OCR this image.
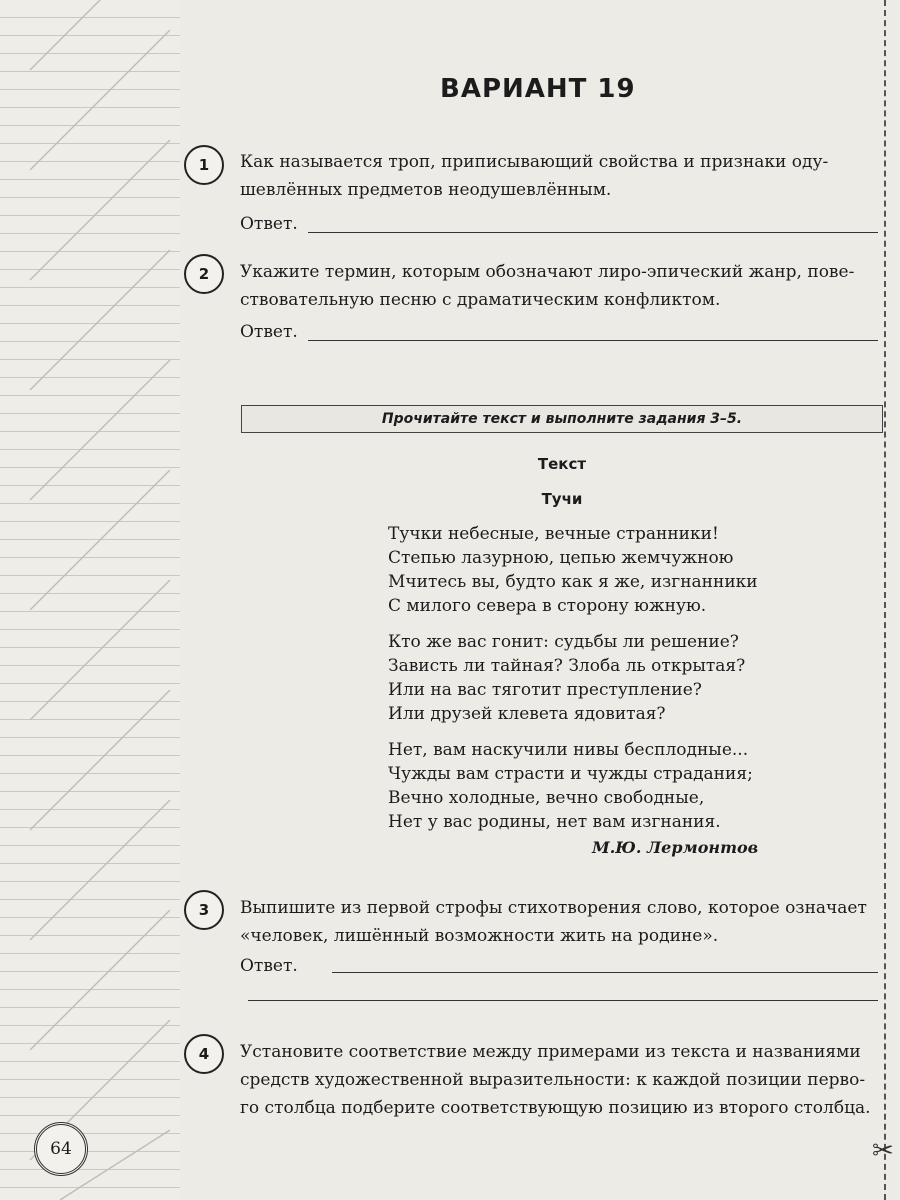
✂
ВАРИАНТ 19
1	Как называется троп, приписывающий свойства и признаки оду-
шевлённых предметов неодушевлённым.
Ответ.
2	Укажите термин, которым обозначают лиро-эпический жанр, пове-
ствовательную песню с драматическим конфликтом.
Ответ.
Прочитайте текст и выполните задания 3–5.
Текст
Тучи
Тучки небесные, вечные странники!
Степью лазурною, цепью жемчужною
Мчитесь вы, будто как я же, изгнанники
С милого севера в сторону южную.
Кто же вас гонит: судьбы ли решение?
Зависть ли тайная? Злоба ль открытая?
Или на вас тяготит преступление?
Или друзей клевета ядовитая?
Нет, вам наскучили нивы бесплодные...
Чужды вам страсти и чужды страдания;
Вечно холодные, вечно свободные,
Нет у вас родины, нет вам изгнания.
М.Ю. Лермонтов
3	Выпишите из первой строфы стихотворения слово, которое означает
«человек, лишённый возможности жить на родине».
Ответ.
4	Установите соответствие между примерами из текста и названиями
средств художественной выразительности: к каждой позиции перво-
го столбца подберите соответствующую позицию из второго столбца.
64
